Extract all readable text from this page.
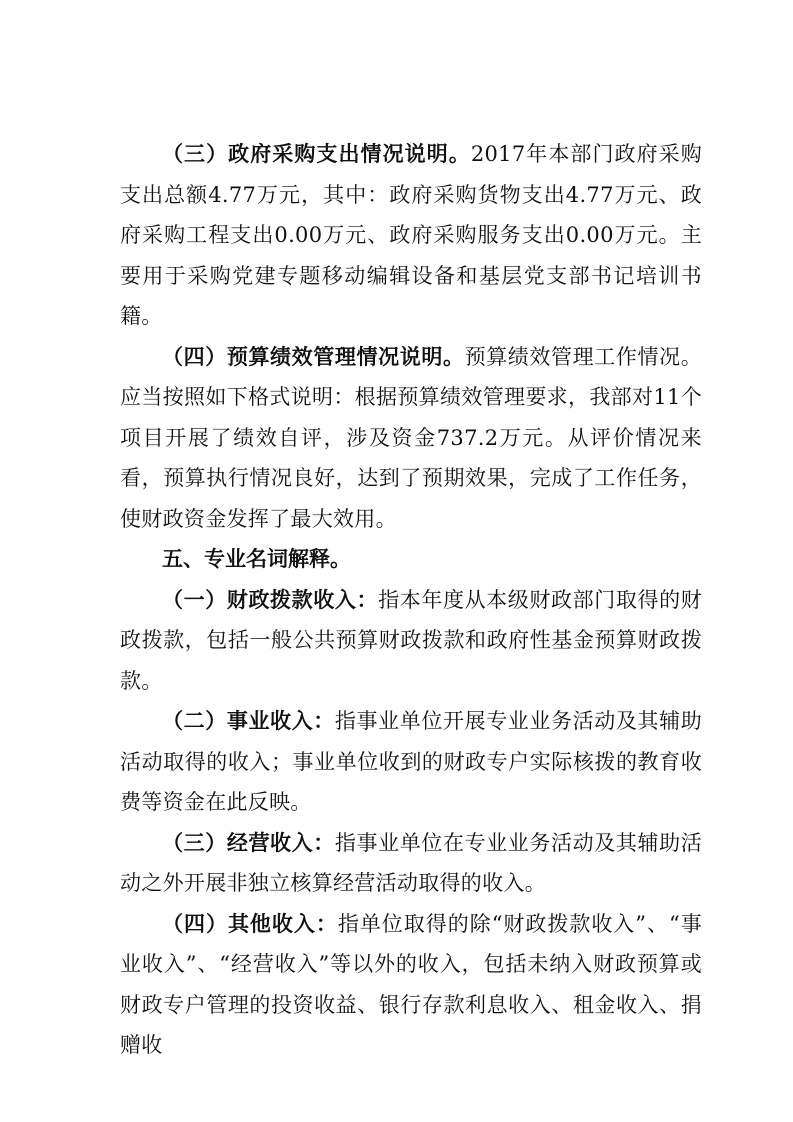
（三）政府采购支出情况说明。2017年本部门政府采购支出总额4.77万元，其中：政府采购货物支出4.77万元、政府采购工程支出0.00万元、政府采购服务支出0.00万元。主要用于采购党建专题移动编辑设备和基层党支部书记培训书籍。

（四）预算绩效管理情况说明。预算绩效管理工作情况。应当按照如下格式说明：根据预算绩效管理要求，我部对11个项目开展了绩效自评，涉及资金737.2万元。从评价情况来看，预算执行情况良好，达到了预期效果，完成了工作任务，使财政资金发挥了最大效用。

五、专业名词解释。

（一）财政拨款收入：指本年度从本级财政部门取得的财政拨款，包括一般公共预算财政拨款和政府性基金预算财政拨款。

（二）事业收入：指事业单位开展专业业务活动及其辅助活动取得的收入；事业单位收到的财政专户实际核拨的教育收费等资金在此反映。

（三）经营收入：指事业单位在专业业务活动及其辅助活动之外开展非独立核算经营活动取得的收入。

（四）其他收入：指单位取得的除“财政拨款收入”、“事业收入”、“经营收入”等以外的收入，包括未纳入财政预算或财政专户管理的投资收益、银行存款利息收入、租金收入、捐赠收
